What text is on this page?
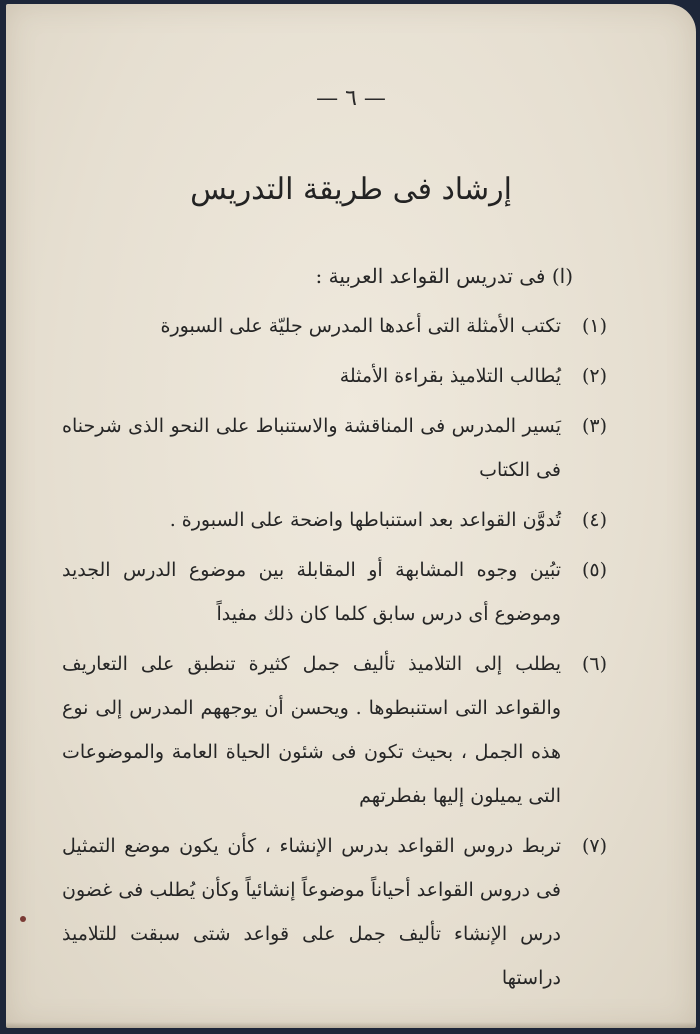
— ٦ —
إرشاد فى طريقة التدريس
(ا) فى تدريس القواعد العربية :
(١)
تكتب الأمثلة التى أعدها المدرس جليّة على السبورة
(٢)
يُطالب التلاميذ بقراءة الأمثلة
(٣)
يَسير المدرس فى المناقشة والاستنباط على النحو الذى شرحناه فى الكتاب
(٤)
تُدوَّن القواعد بعد استنباطها واضحة على السبورة .
(٥)
تبُين وجوه المشابهة أو المقابلة بين موضوع الدرس الجديد وموضوع أى درس سابق كلما كان ذلك مفيداً
(٦)
يطلب إلى التلاميذ تأليف جمل كثيرة تنطبق على التعاريف والقواعد التى استنبطوها . ويحسن أن يوجههم المدرس إلى نوع هذه الجمل ، بحيث تكون فى شئون الحياة العامة والموضوعات التى يميلون إليها بفطرتهم
(٧)
تربط دروس القواعد بدرس الإنشاء ، كأن يكون موضع التمثيل فى دروس القواعد أحياناً موضوعاً إنشائياً وكأن يُطلب فى غضون درس الإنشاء تأليف جمل على قواعد شتى سبقت للتلاميذ دراستها
